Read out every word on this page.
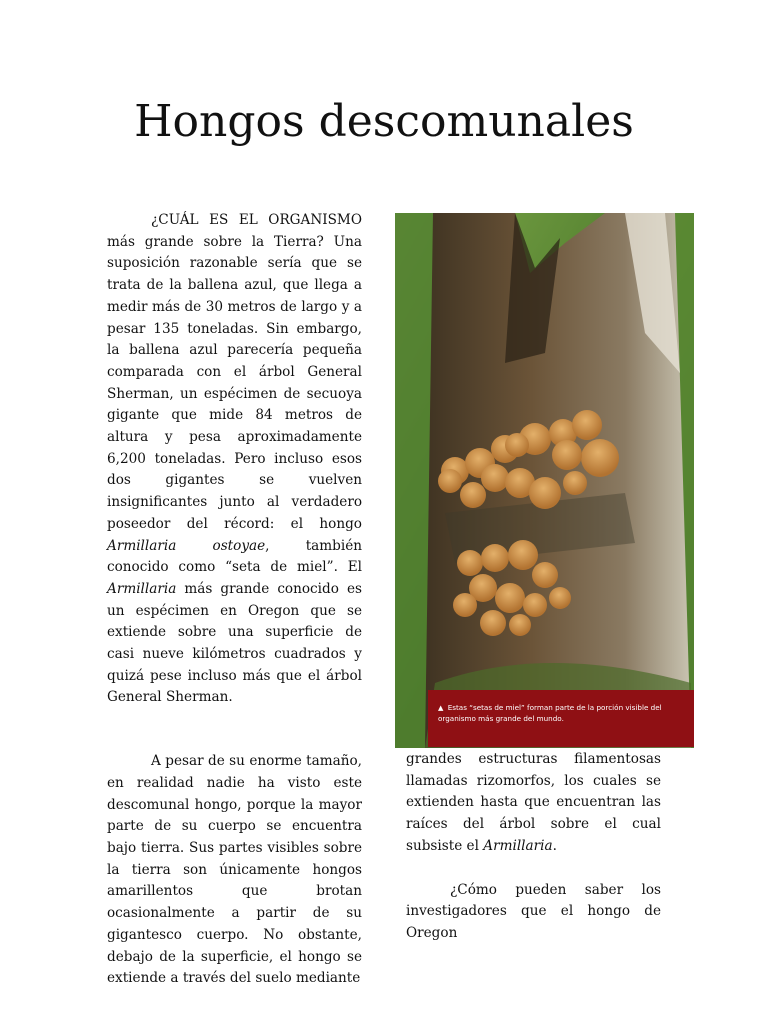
Hongos descomunales

¿CUÁL ES EL ORGANISMO más grande sobre la Tierra? Una suposición razonable sería que se trata de la ballena azul, que llega a medir más de 30 metros de largo y a pesar 135 toneladas. Sin embargo, la ballena azul parecería pequeña comparada con el árbol General Sherman, un espécimen de secuoya gigante que mide 84 metros de altura y pesa aproximadamente 6,200 toneladas. Pero incluso esos dos gigantes se vuelven insignificantes junto al verdadero poseedor del récord: el hongo Armillaria ostoyae, también conocido como “seta de miel”. El Armillaria más grande conocido es un espécimen en Oregon que se extiende sobre una superficie de casi nueve kilómetros cuadrados y quizá pese incluso más que el árbol General Sherman.

A pesar de su enorme tamaño, en realidad nadie ha visto este descomunal hongo, porque la mayor parte de su cuerpo se encuentra bajo tierra. Sus partes visibles sobre la tierra son únicamente hongos amarillentos que brotan ocasionalmente a partir de su gigantesco cuerpo. No obstante, debajo de la superficie, el hongo se extiende a través del suelo mediante

▲ Estas “setas de miel” forman parte de la porción visible del organismo más grande del mundo.

grandes estructuras filamentosas llamadas rizomorfos, los cuales se extienden hasta que encuentran las raíces del árbol sobre el cual subsiste el Armillaria.

¿Cómo pueden saber los investigadores que el hongo de Oregon
